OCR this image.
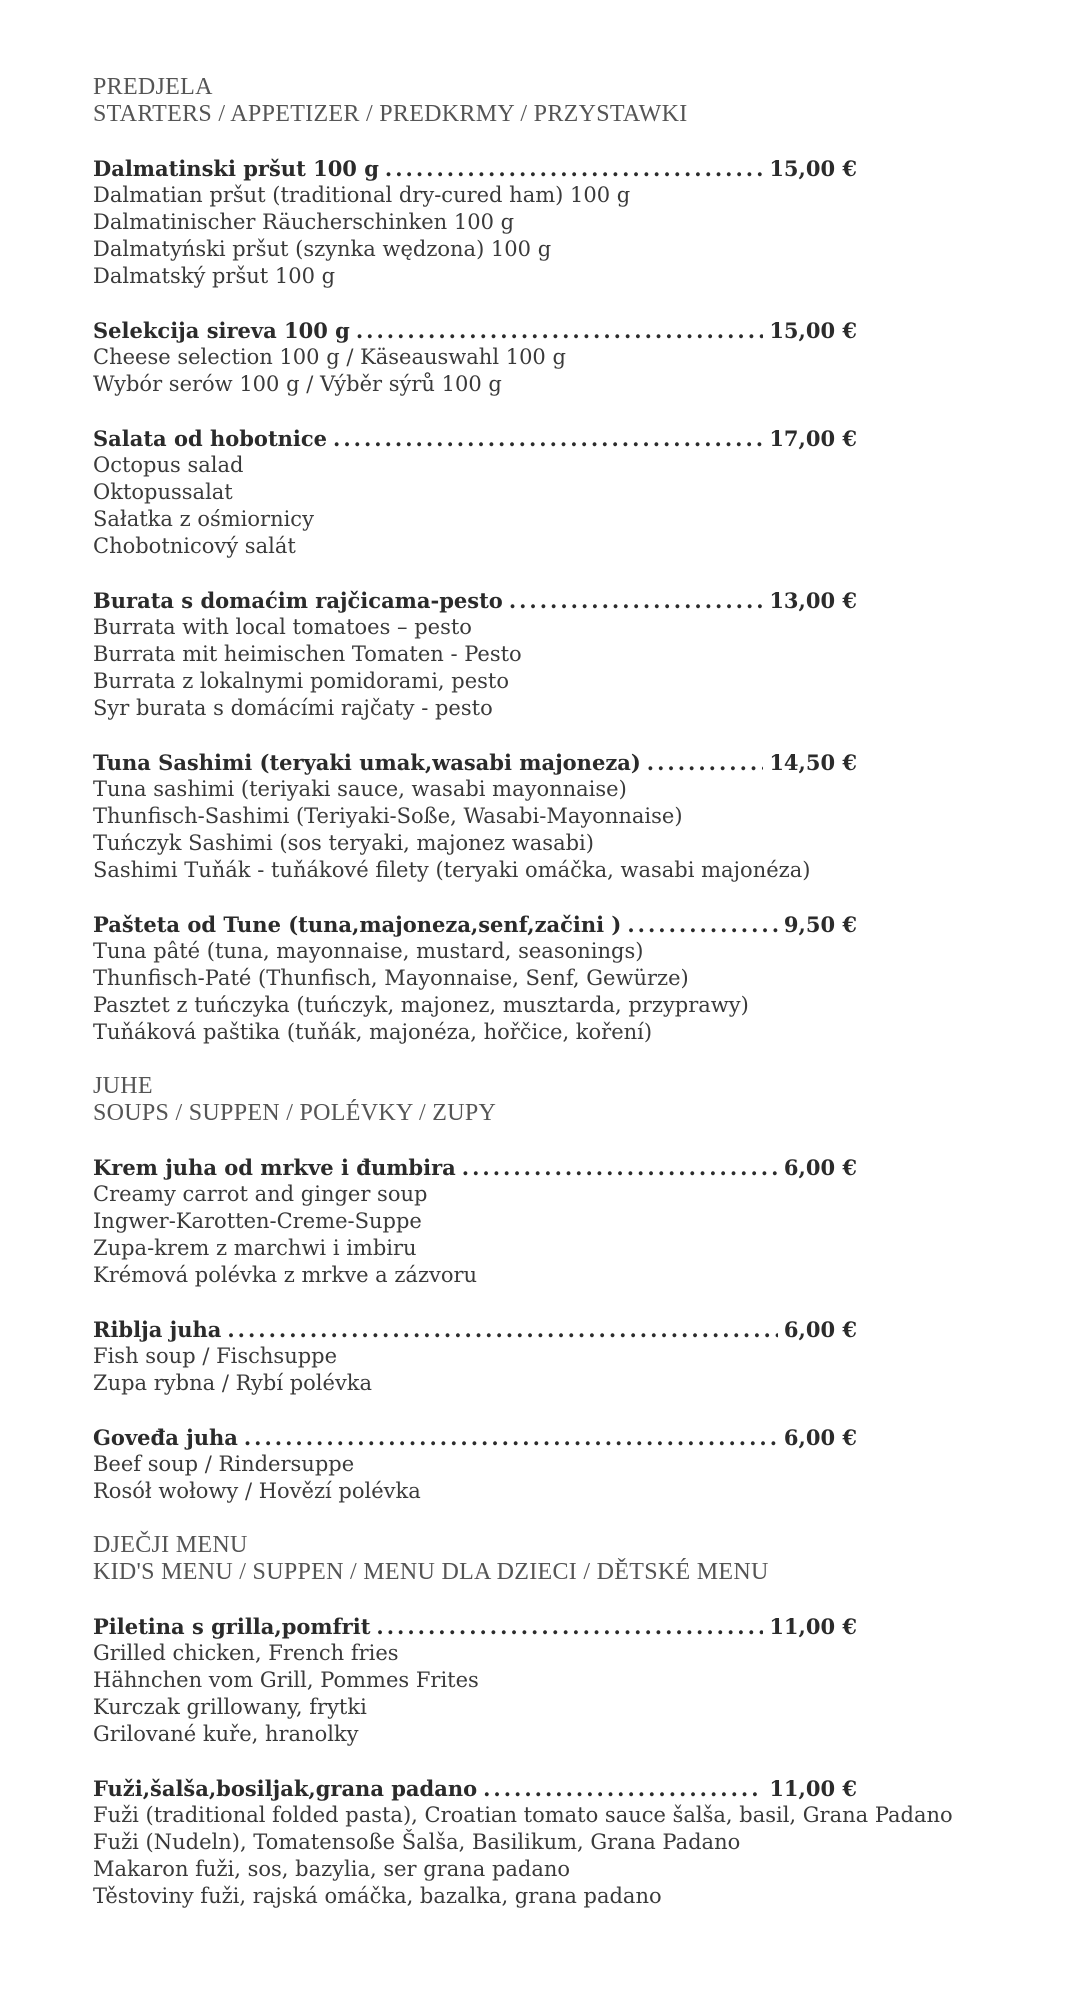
PREDJELA
STARTERS / APPETIZER / PREDKRMY / PRZYSTAWKI
Dalmatinski pršut 100 g .....	15,00 €
Dalmatian pršut (traditional dry-cured ham) 100 g
Dalmatinischer Räucherschinken 100 g
Dalmatyński pršut (szynka wędzona) 100 g
Dalmatský pršut 100 g
Selekcija sireva 100 g .....	15,00 €
Cheese selection 100 g / Käseauswahl 100 g
Wybór serów 100 g / Výběr sýrů 100 g
Salata od hobotnice .....	17,00 €
Octopus salad
Oktopussalat
Sałatka z ośmiornicy
Chobotnicový salát
Burata s domaćim rajčicama-pesto .....	13,00 €
Burrata with local tomatoes – pesto
Burrata mit heimischen Tomaten - Pesto
Burrata z lokalnymi pomidorami, pesto
Syr burata s domácími rajčaty - pesto
Tuna Sashimi (teryaki umak,wasabi majoneza) .....	14,50 €
Tuna sashimi (teriyaki sauce, wasabi mayonnaise)
Thunfisch-Sashimi (Teriyaki-Soße, Wasabi-Mayonnaise)
Tuńczyk Sashimi (sos teryaki, majonez wasabi)
Sashimi Tuňák - tuňákové filety (teryaki omáčka, wasabi majonéza)
Pašteta od Tune (tuna,majoneza,senf,začini ) .....	9,50 €
Tuna pâté (tuna, mayonnaise, mustard, seasonings)
Thunfisch-Paté (Thunfisch, Mayonnaise, Senf, Gewürze)
Pasztet z tuńczyka (tuńczyk, majonez, musztarda, przyprawy)
Tuňáková paštika (tuňák, majonéza, hořčice, koření)
JUHE
SOUPS / SUPPEN / POLÉVKY / ZUPY
Krem juha od mrkve i đumbira .....	6,00 €
Creamy carrot and ginger soup
Ingwer-Karotten-Creme-Suppe
Zupa-krem z marchwi i imbiru
Krémová polévka z mrkve a zázvoru
Riblja juha .....	6,00 €
Fish soup / Fischsuppe
Zupa rybna / Rybí polévka
Goveđa juha .....	6,00 €
Beef soup / Rindersuppe
Rosół wołowy / Hovězí polévka
DJEČJI MENU
KID'S MENU / SUPPEN / MENU DLA DZIECI / DĚTSKÉ MENU
Piletina s grilla,pomfrit .....	11,00 €
Grilled chicken, French fries
Hähnchen vom Grill, Pommes Frites
Kurczak grillowany, frytki
Grilované kuře, hranolky
Fuži,šalša,bosiljak,grana padano .....	11,00 €
Fuži (traditional folded pasta), Croatian tomato sauce šalša, basil, Grana Padano
Fuži (Nudeln), Tomatensoße Šalša, Basilikum, Grana Padano
Makaron fuži, sos, bazylia, ser grana padano
Těstoviny fuži, rajská omáčka, bazalka, grana padano
